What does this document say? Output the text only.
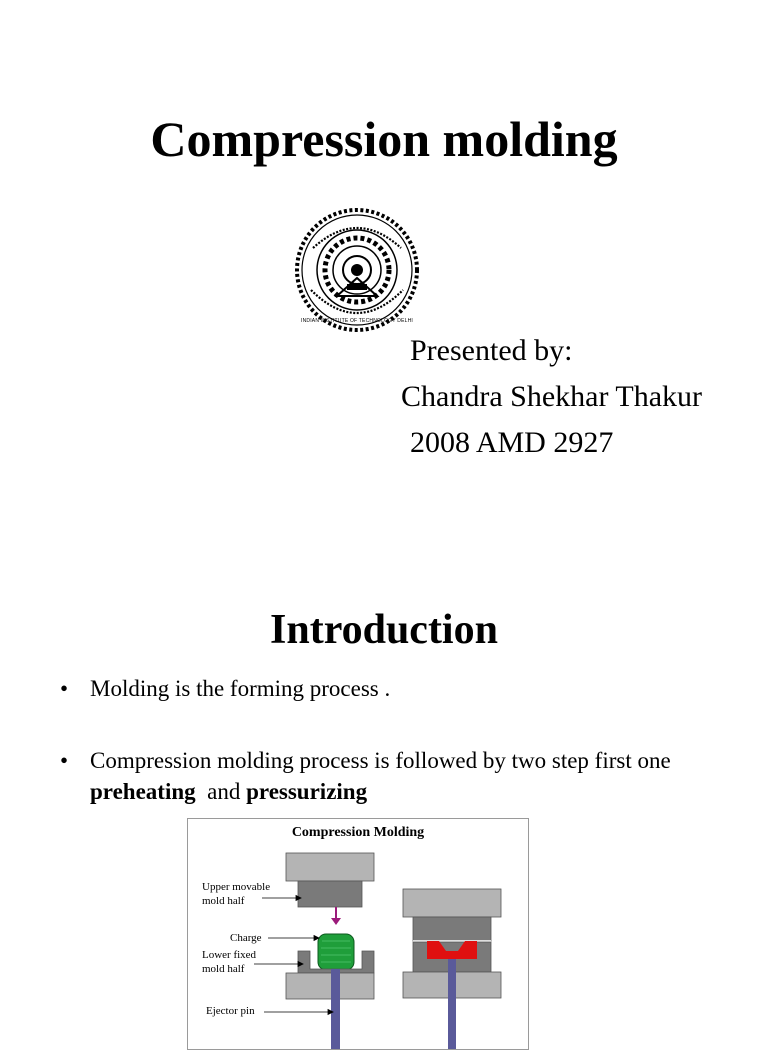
Compression molding
INDIAN INSTITUTE OF TECHNOLOGY DELHI
Presented by:
Chandra Shekhar Thakur
2008 AMD 2927
Introduction
• Molding is the forming process .
• Compression molding process is followed by two step first one preheating  and pressurizing
Compression Molding
Upper movable
mold half
Charge
Lower fixed
mold half
Ejector pin
